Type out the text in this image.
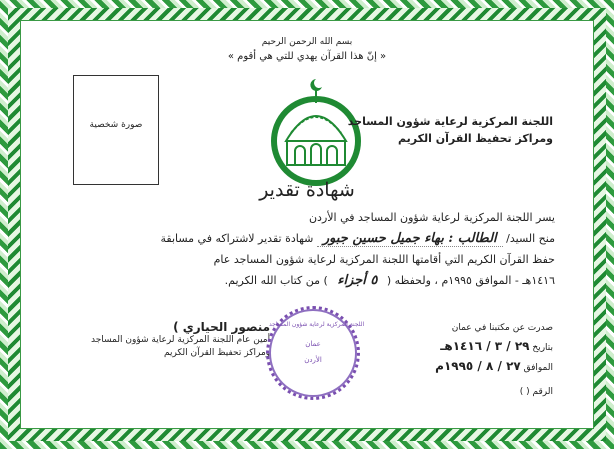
بسم الله الرحمن الرحيم
« إنّ هذا القرآن يهدي للتي هي أقوم »
صورة شخصية	اللجنة المركزية لرعاية شؤون المساجد
ومراكز تحفيظ القرآن الكريم
شهادة تقدير
يسر اللجنة المركزية لرعاية شؤون المساجد في الأردن
منح السيد/ الطالب : بهاء جميل حسين جبور شهادة تقدير لاشتراكه في مسابقة
حفظ القرآن الكريم التي أقامتها اللجنة المركزية لرعاية شؤون المساجد عام
١٤١٦هـ - الموافق ١٩٩٥م ، ولحفظه ( ٥ أجزاء ) من كتاب الله الكريم.
منصور الحياري )
أمين عام اللجنة المركزية لرعاية شؤون المساجد
ومراكز تحفيظ القرآن الكريم
اللجنة المركزية لرعاية شؤون المساجد
عمان
الأردن
صدرت عن مكتبنا في عمان
بتاريخ ٢٩ / ٣ / ١٤١٦هـ
الموافق ٢٧ / ٨ / ١٩٩٥م
الرقم ( )
